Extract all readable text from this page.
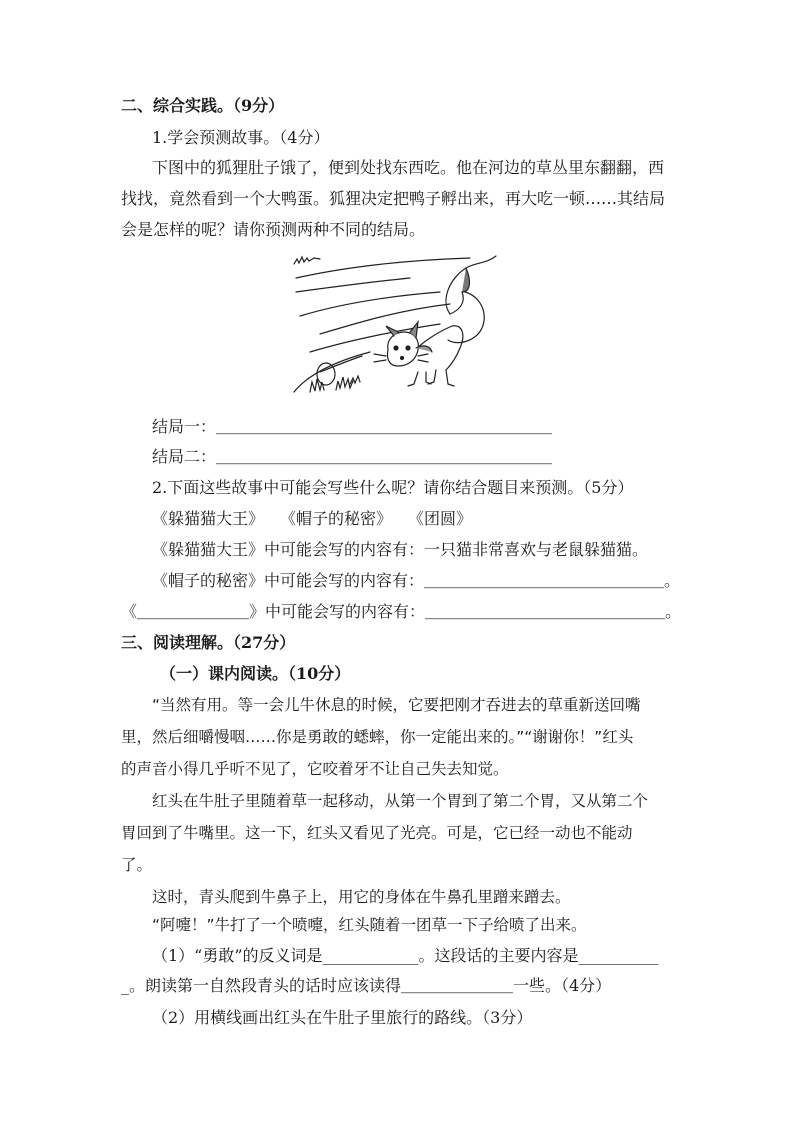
二、综合实践。（9分）
1.学会预测故事。（4分）
下图中的狐狸肚子饿了，便到处找东西吃。他在河边的草丛里东翻翻，西
找找，竟然看到一个大鸭蛋。狐狸决定把鸭子孵出来，再大吃一顿……其结局
会是怎样的呢？请你预测两种不同的结局。
结局一：＿＿＿＿＿＿＿＿＿＿＿＿＿＿＿＿＿＿＿＿＿
结局二：＿＿＿＿＿＿＿＿＿＿＿＿＿＿＿＿＿＿＿＿＿
2.下面这些故事中可能会写些什么呢？请你结合题目来预测。（5分）
《躲猫猫大王》　　《帽子的秘密》　　《团圆》
《躲猫猫大王》中可能会写的内容有：一只猫非常喜欢与老鼠躲猫猫。
《帽子的秘密》中可能会写的内容有：＿＿＿＿＿＿＿＿＿＿＿＿＿＿＿。
《＿＿＿＿＿＿＿》中可能会写的内容有：＿＿＿＿＿＿＿＿＿＿＿＿＿＿＿。
三、阅读理解。（27分）
（一）课内阅读。（10分）
“当然有用。等一会儿牛休息的时候，它要把刚才吞进去的草重新送回嘴
里，然后细嚼慢咽……你是勇敢的蟋蟀，你一定能出来的。”“谢谢你！”红头
的声音小得几乎听不见了，它咬着牙不让自己失去知觉。
红头在牛肚子里随着草一起移动，从第一个胃到了第二个胃，又从第二个
胃回到了牛嘴里。这一下，红头又看见了光亮。可是，它已经一动也不能动
了。
这时，青头爬到牛鼻子上，用它的身体在牛鼻孔里蹭来蹭去。
“阿嚏！”牛打了一个喷嚏，红头随着一团草一下子给喷了出来。
（1）“勇敢”的反义词是____________。这段话的主要内容是__________
_。朗读第一自然段青头的话时应该读得＿＿＿＿＿＿＿一些。（4分）
（2）用横线画出红头在牛肚子里旅行的路线。（3分）
